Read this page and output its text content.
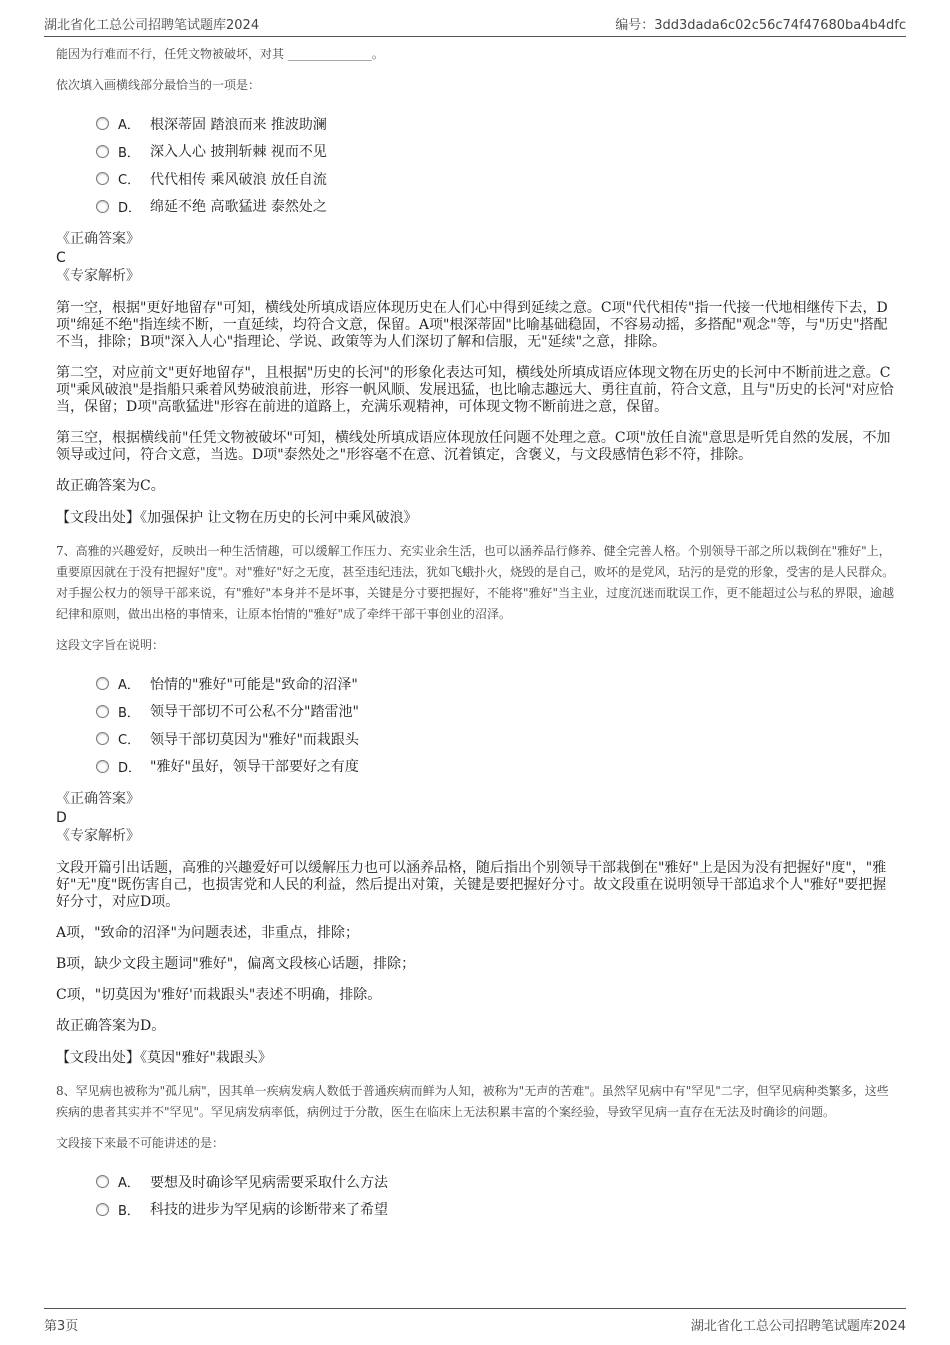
湖北省化工总公司招聘笔试题库2024	编号：3dd3dada6c02c56c74f47680ba4b4dfc

能因为行难而不行，任凭文物被破坏，对其 ______________。

依次填入画横线部分最恰当的一项是：

A． 根深蒂固 踏浪而来 推波助澜
B． 深入人心 披荆斩棘 视而不见
C． 代代相传 乘风破浪 放任自流
D． 绵延不绝 高歌猛进 泰然处之

《正确答案》

C

《专家解析》

第一空，根据"更好地留存"可知，横线处所填成语应体现历史在人们心中得到延续之意。C项"代代相传"指一代接一代地相继传下去，D项"绵延不绝"指连续不断，一直延续，均符合文意，保留。A项"根深蒂固"比喻基础稳固，不容易动摇，多搭配"观念"等，与"历史"搭配不当，排除；B项"深入人心"指理论、学说、政策等为人们深切了解和信服，无"延续"之意，排除。

第二空，对应前文"更好地留存"，且根据"历史的长河"的形象化表达可知，横线处所填成语应体现文物在历史的长河中不断前进之意。C项"乘风破浪"是指船只乘着风势破浪前进，形容一帆风顺、发展迅猛，也比喻志趣远大、勇往直前，符合文意，且与"历史的长河"对应恰当，保留；D项"高歌猛进"形容在前进的道路上，充满乐观精神，可体现文物不断前进之意，保留。

第三空，根据横线前"任凭文物被破坏"可知，横线处所填成语应体现放任问题不处理之意。C项"放任自流"意思是听凭自然的发展，不加领导或过问，符合文意，当选。D项"泰然处之"形容毫不在意、沉着镇定，含褒义，与文段感情色彩不符，排除。

故正确答案为C。

【文段出处】《加强保护 让文物在历史的长河中乘风破浪》

7、高雅的兴趣爱好，反映出一种生活情趣，可以缓解工作压力、充实业余生活，也可以涵养品行修养、健全完善人格。个别领导干部之所以栽倒在"雅好"上，重要原因就在于没有把握好"度"。对"雅好"好之无度，甚至违纪违法，犹如飞蛾扑火，烧毁的是自己，败坏的是党风，玷污的是党的形象，受害的是人民群众。对手握公权力的领导干部来说，有"雅好"本身并不是坏事，关键是分寸要把握好，不能将"雅好"当主业，过度沉迷而耽误工作，更不能超过公与私的界限，逾越纪律和原则，做出出格的事情来，让原本怡情的"雅好"成了牵绊干部干事创业的沼泽。

这段文字旨在说明：

A． 怡情的"雅好"可能是"致命的沼泽"
B． 领导干部切不可公私不分"踏雷池"
C． 领导干部切莫因为"雅好"而栽跟头
D． "雅好"虽好，领导干部要好之有度

《正确答案》

D

《专家解析》

文段开篇引出话题，高雅的兴趣爱好可以缓解压力也可以涵养品格，随后指出个别领导干部栽倒在"雅好"上是因为没有把握好"度"，"雅好"无"度"既伤害自己，也损害党和人民的利益，然后提出对策，关键是要把握好分寸。故文段重在说明领导干部追求个人"雅好"要把握好分寸，对应D项。

A项，"致命的沼泽"为问题表述，非重点，排除；

B项，缺少文段主题词"雅好"，偏离文段核心话题，排除；

C项，"切莫因为'雅好'而栽跟头"表述不明确，排除。

故正确答案为D。

【文段出处】《莫因"雅好"栽跟头》

8、罕见病也被称为"孤儿病"，因其单一疾病发病人数低于普通疾病而鲜为人知，被称为"无声的苦难"。虽然罕见病中有"罕见"二字，但罕见病种类繁多，这些疾病的患者其实并不"罕见"。罕见病发病率低，病例过于分散，医生在临床上无法积累丰富的个案经验，导致罕见病一直存在无法及时确诊的问题。

文段接下来最不可能讲述的是：

A． 要想及时确诊罕见病需要采取什么方法
B． 科技的进步为罕见病的诊断带来了希望
第3页	湖北省化工总公司招聘笔试题库2024
